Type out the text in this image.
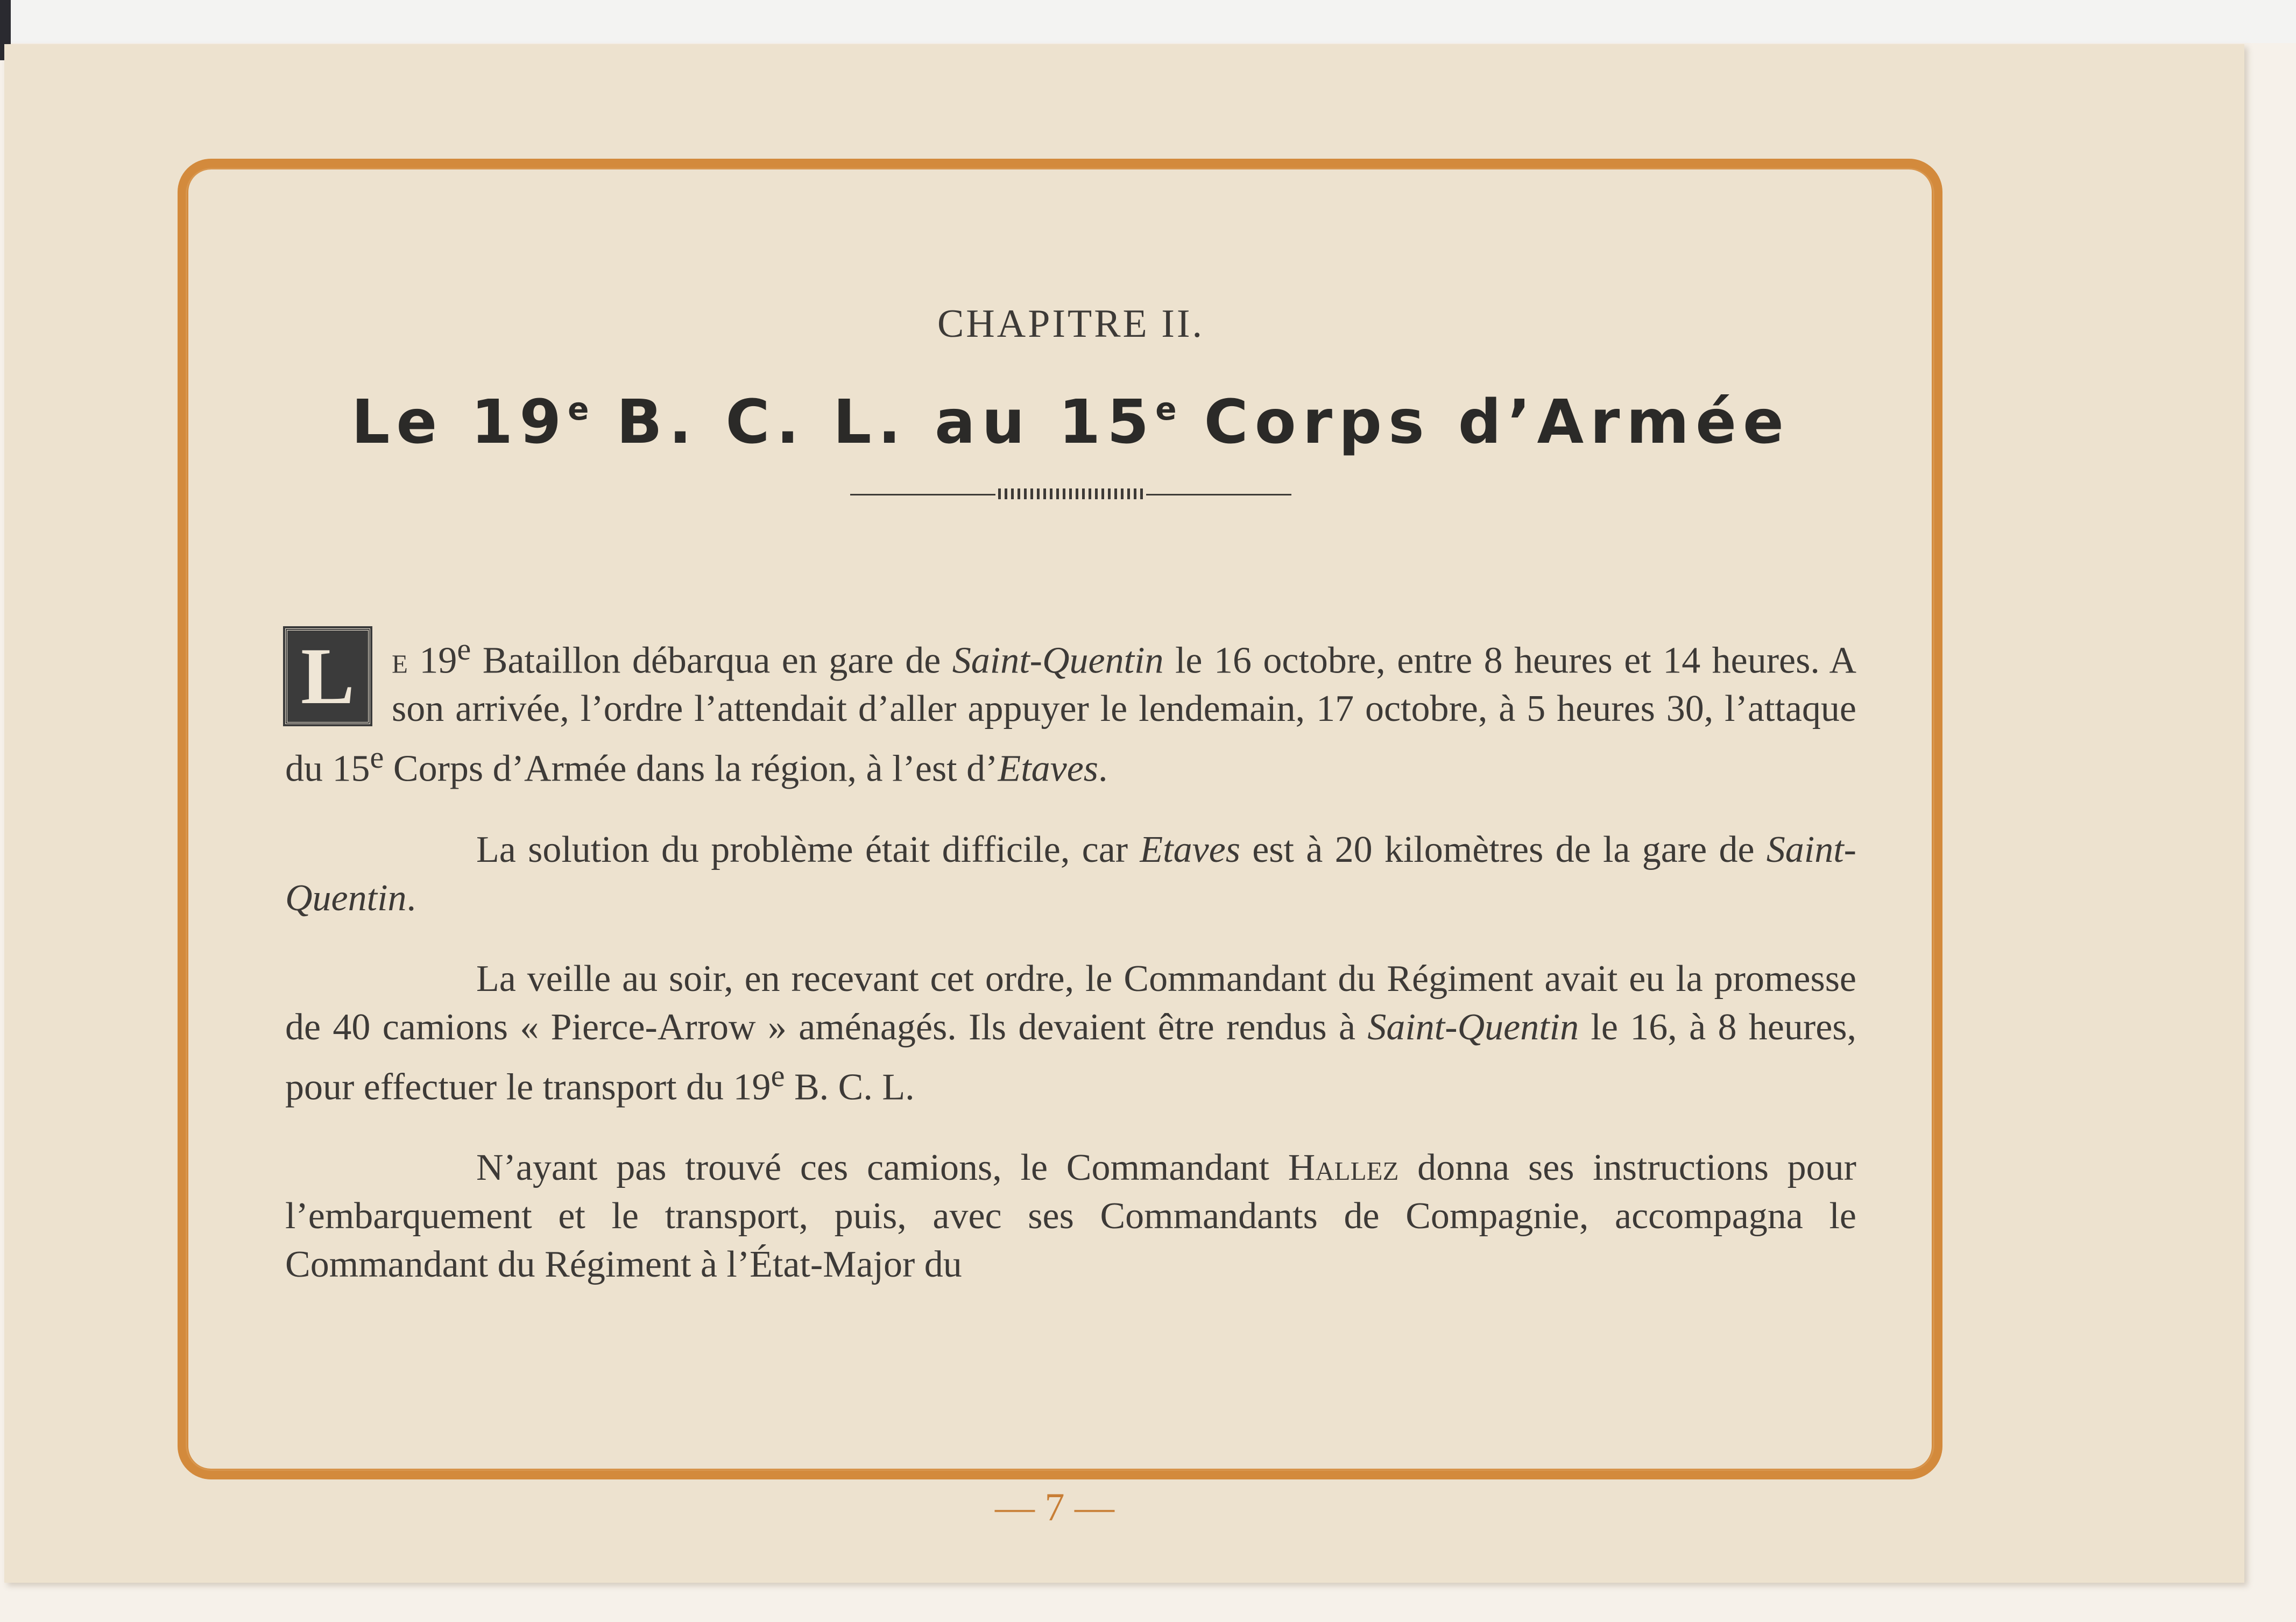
CHAPITRE II.

Le 19e B. C. L. au 15e Corps d’Armée

L e 19e Bataillon débarqua en gare de Saint-Quentin le 16 octobre, entre 8 heures et 14 heures. A son arrivée, l’ordre l’attendait d’aller appuyer le lendemain, 17 octobre, à 5 heures 30, l’attaque du 15e Corps d’Armée dans la région, à l’est d’Etaves.

La solution du problème était difficile, car Etaves est à 20 kilomètres de la gare de Saint-Quentin.

La veille au soir, en recevant cet ordre, le Commandant du Régiment avait eu la promesse de 40 camions « Pierce-Arrow » aménagés. Ils devaient être rendus à Saint-Quentin le 16, à 8 heures, pour effectuer le transport du 19e B. C. L.

N’ayant pas trouvé ces camions, le Commandant Hallez donna ses instructions pour l’embarquement et le transport, puis, avec ses Commandants de Compagnie, accompagna le Commandant du Régiment à l’État-Major du

— 7 —
